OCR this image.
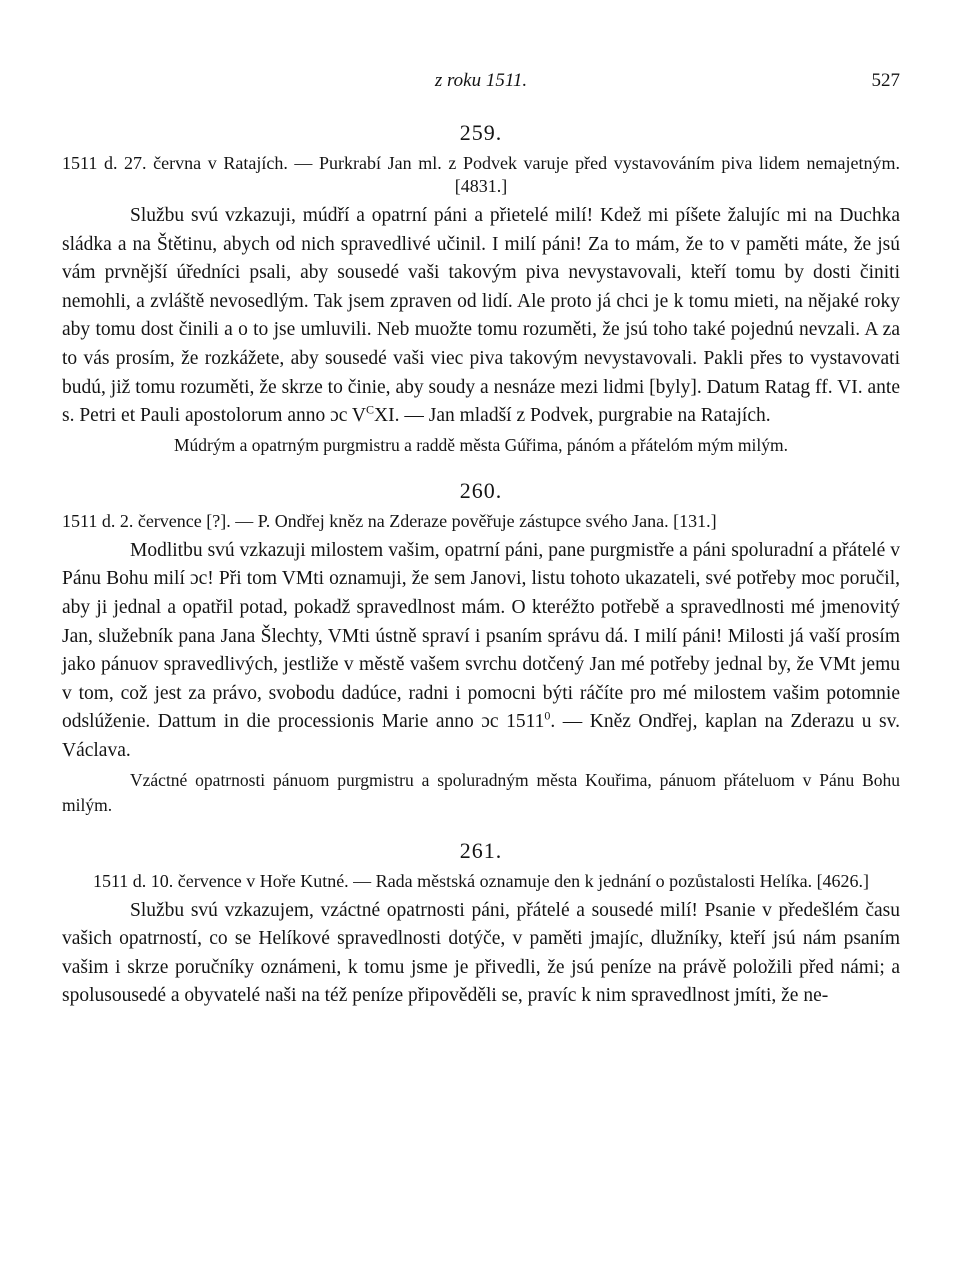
z roku 1511.	527
259.
1511 d. 27. června v Ratajích. — Purkrabí Jan ml. z Podvek varuje před vystavováním piva lidem nemajetným. [4831.]
Službu svú vzkazuji, múdří a opatrní páni a přietelé milí! Kdež mi píšete žalujíc mi na Duchka sládka a na Štětinu, abych od nich spravedlivé učinil. I milí páni! Za to mám, že to v paměti máte, že jsú vám prvnější úředníci psali, aby sousedé vaši takovým piva nevystavovali, kteří tomu by dosti činiti nemohli, a zvláště nevosedlým. Tak jsem zpraven od lidí. Ale proto já chci je k tomu mieti, na nějaké roky aby tomu dost činili a o to jse umluvili. Neb muožte tomu rozuměti, že jsú toho také pojednú nevzali. A za to vás prosím, že rozkážete, aby sousedé vaši viec piva takovým nevystavovali. Pakli přes to vystavovati budú, již tomu rozuměti, že skrze to činie, aby soudy a nesnáze mezi lidmi [byly]. Datum Ratag ff. VI. ante s. Petri et Pauli apostolorum anno ɔc $V^CXI$. — Jan mladší z Podvek, purgrabie na Ratajích.
Múdrým a opatrným purgmistru a raddě města Gúřima, pánóm a přátelóm mým milým.
260.
1511 d. 2. července [?]. — P. Ondřej kněz na Zderaze pověřuje zástupce svého Jana. [131.]
Modlitbu svú vzkazuji milostem vašim, opatrní páni, pane purgmistře a páni spoluradní a přátelé v Pánu Bohu milí ɔc! Při tom VMti oznamuji, že sem Janovi, listu tohoto ukazateli, své potřeby moc poručil, aby ji jednal a opatřil potad, pokadž spravedlnost mám. O kteréžto potřebě a spravedlnosti mé jmenovitý Jan, služebník pana Jana Šlechty, VMti ústně spraví i psaním správu dá. I milí páni! Milosti já vaší prosím jako pánuov spravedlivých, jestliže v městě vašem svrchu dotčený Jan mé potřeby jednal by, že VMt jemu v tom, což jest za právo, svobodu dadúce, radni i pomocni býti ráčíte pro mé milostem vašim potomnie odslúženie. Dattum in die processionis Marie anno ɔc 1511$^0$. — Kněz Ondřej, kaplan na Zderazu u sv. Václava.
Vzáctné opatrnosti pánuom purgmistru a spoluradným města Kouřima, pánuom přáteluom v Pánu Bohu milým.
261.
1511 d. 10. července v Hoře Kutné. — Rada městská oznamuje den k jednání o pozůstalosti Helíka. [4626.]
Službu svú vzkazujem, vzáctné opatrnosti páni, přátelé a sousedé milí! Psanie v předešlém času vašich opatrností, co se Helíkové spravedlnosti dotýče, v paměti jmajíc, dlužníky, kteří jsú nám psaním vašim i skrze poručníky oznámeni, k tomu jsme je přivedli, že jsú peníze na právě položili před námi; a spolusousedé a obyvatelé naši na též peníze připověděli se, pravíc k nim spravedlnost jmíti, že ne-
